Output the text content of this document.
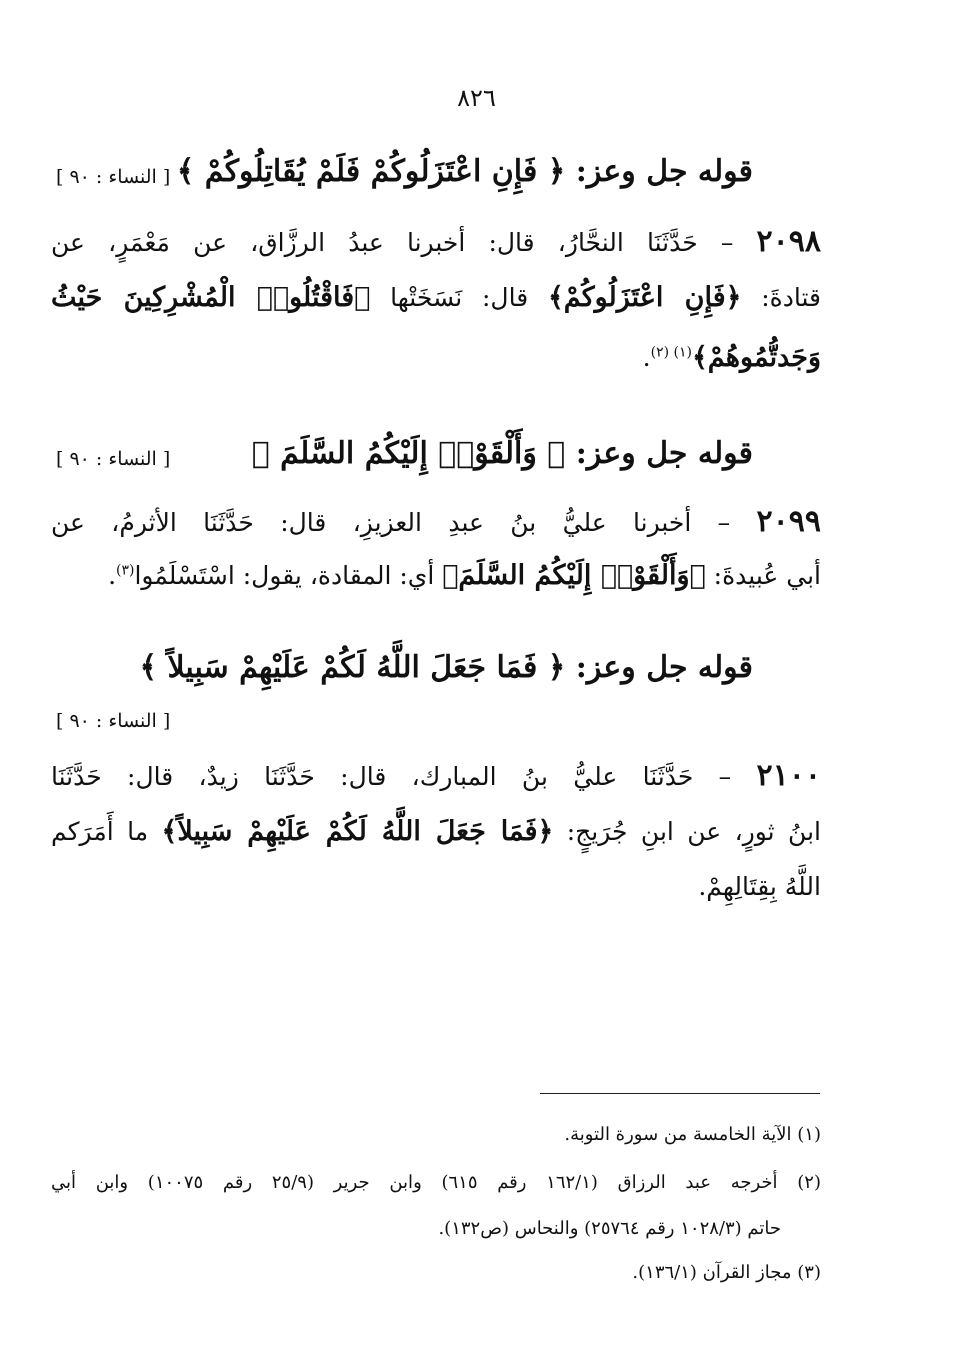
٨٢٦
قوله جل وعز: ﴿ فَإِنِ اعْتَزَلُوكُمْ فَلَمْ يُقَاتِلُوكُمْ ﴾
[ النساء : ٩٠ ]
٢٠٩٨ – حَدَّثَنَا النحَّارُ، قال: أخبرنا عبدُ الرزَّاق، عن مَعْمَرٍ، عن
قتادةَ: ﴿فَإِنِ اعْتَزَلُوكُمْ﴾ قال: نَسَخَتْها ﴿فَاقْتُلُوا۟ الْمُشْرِكِينَ حَيْثُ
وَجَدتُّمُوهُمْ﴾$^{(١) (٢)}$.
قوله جل وعز: ﴿ وَأَلْقَوْا۟ إِلَيْكُمُ السَّلَمَ ﴾
[ النساء : ٩٠ ]
٢٠٩٩ – أخبرنا عليُّ بنُ عبدِ العزيزِ، قال: حَدَّثَنَا الأثرمُ، عن
أبي عُبيدةَ: ﴿وَأَلْقَوْا۟ إِلَيْكُمُ السَّلَمَ﴾ أي: المقادة، يقول: اسْتَسْلَمُوا$^{(٣)}$.
قوله جل وعز: ﴿ فَمَا جَعَلَ اللَّهُ لَكُمْ عَلَيْهِمْ سَبِيلاً ﴾
[ النساء : ٩٠ ]
٢١٠٠ – حَدَّثَنَا عليُّ بنُ المبارك، قال: حَدَّثَنَا زيدٌ، قال: حَدَّثَنَا
ابنُ ثورٍ، عن ابنِ جُرَيجٍ: ﴿فَمَا جَعَلَ اللَّهُ لَكُمْ عَلَيْهِمْ سَبِيلاً﴾ ما أَمَرَكم
اللَّهُ بِقِتَالِهِمْ.
(١) الآية الخامسة من سورة التوبة.
(٢) أخرجه عبد الرزاق (١٦٢/١ رقم ٦١٥) وابن جرير (٢٥/٩ رقم ١٠٠٧٥) وابن أبي
حاتم (١٠٢٨/٣ رقم ٢٥٧٦٤) والنحاس (ص١٣٢).
(٣) مجاز القرآن (١٣٦/١).
